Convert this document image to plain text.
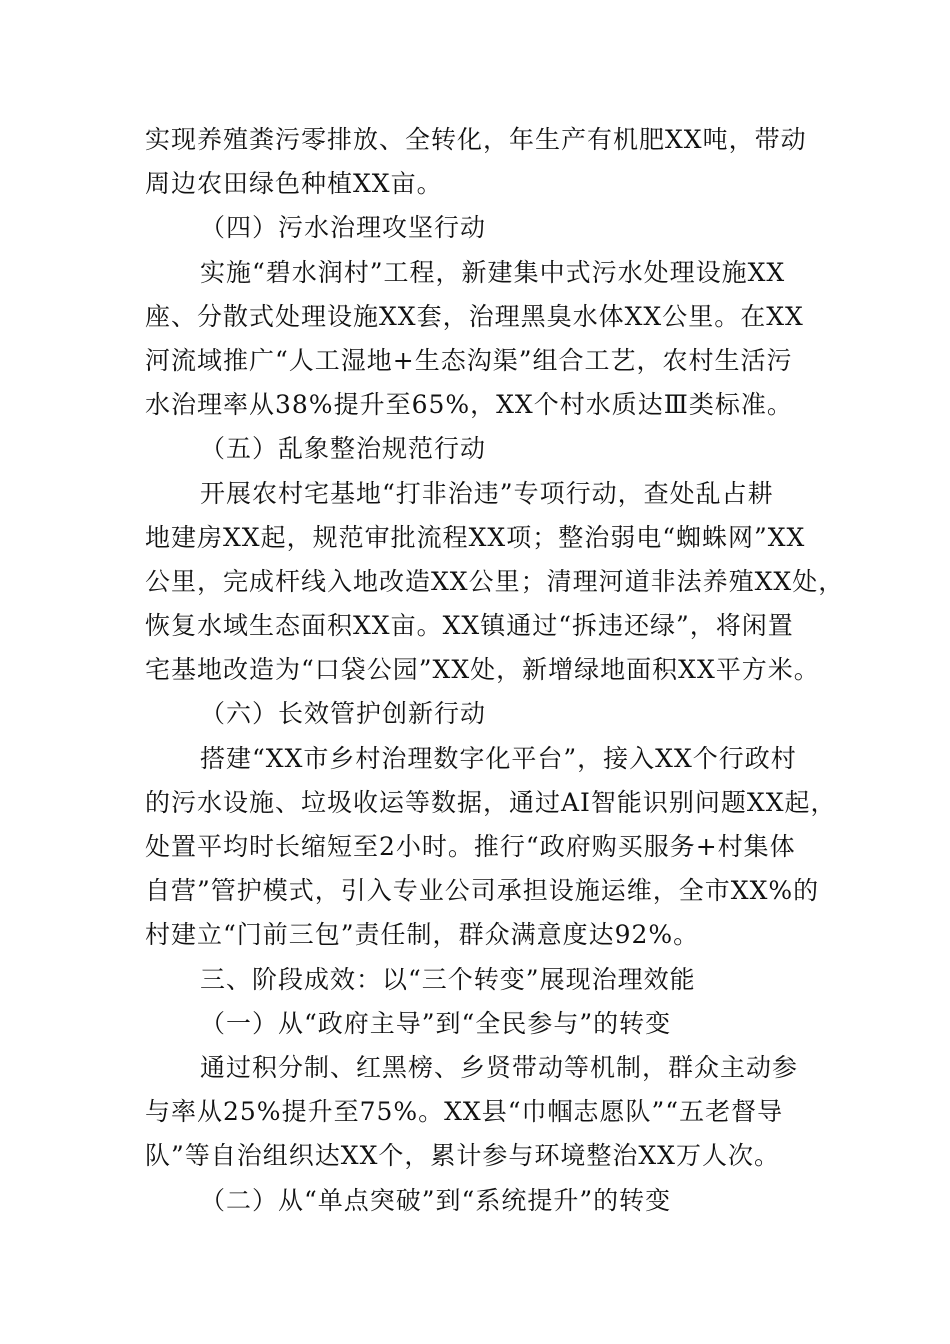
实现养殖粪污零排放、全转化，年生产有机肥XX吨，带动
周边农田绿色种植XX亩。
（四）污水治理攻坚行动
实施“碧水润村”工程，新建集中式污水处理设施XX
座、分散式处理设施XX套，治理黑臭水体XX公里。在XX
河流域推广“人工湿地+生态沟渠”组合工艺，农村生活污
水治理率从38%提升至65%，XX个村水质达Ⅲ类标准。
（五）乱象整治规范行动
开展农村宅基地“打非治违”专项行动，查处乱占耕
地建房XX起，规范审批流程XX项；整治弱电“蜘蛛网”XX
公里，完成杆线入地改造XX公里；清理河道非法养殖XX处，
恢复水域生态面积XX亩。XX镇通过“拆违还绿”，将闲置
宅基地改造为“口袋公园”XX处，新增绿地面积XX平方米。
（六）长效管护创新行动
搭建“XX市乡村治理数字化平台”，接入XX个行政村
的污水设施、垃圾收运等数据，通过AI智能识别问题XX起，
处置平均时长缩短至2小时。推行“政府购买服务+村集体
自营”管护模式，引入专业公司承担设施运维，全市XX%的
村建立“门前三包”责任制，群众满意度达92%。
三、阶段成效：以“三个转变”展现治理效能
（一）从“政府主导”到“全民参与”的转变
通过积分制、红黑榜、乡贤带动等机制，群众主动参
与率从25%提升至75%。XX县“巾帼志愿队”“五老督导
队”等自治组织达XX个，累计参与环境整治XX万人次。
（二）从“单点突破”到“系统提升”的转变
